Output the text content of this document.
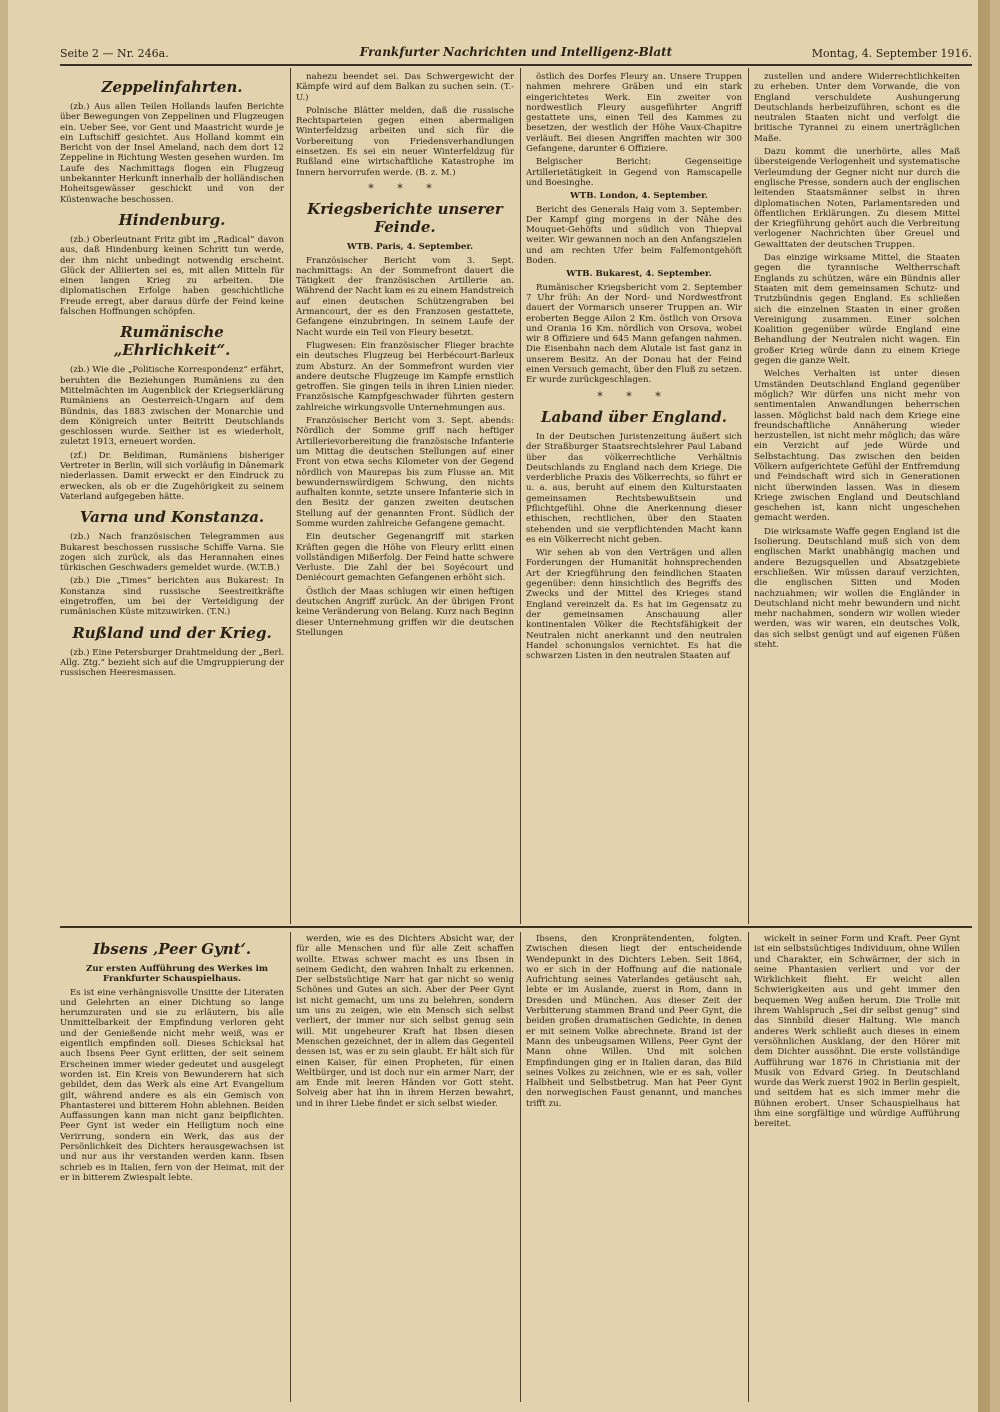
Seite 2 — Nr. 246a.	Frankfurter Nachrichten und Intelligenz-Blatt	Montag, 4. September 1916.
Zeppelinfahrten.

(zb.) Aus allen Teilen Hollands laufen Berichte über Bewegungen von Zeppelinen und Flugzeugen ein. Ueber See, vor Gent und Maastricht wurde je ein Luftschiff gesichtet. Aus Holland kommt ein Bericht von der Insel Ameland, nach dem dort 12 Zeppeline in Richtung Westen gesehen wurden. Im Laufe des Nachmittags flogen ein Flugzeug unbekannter Herkunft innerhalb der holländischen Hoheitsgewässer geschickt und von der Küstenwache beschossen.

Hindenburg.

(zb.) Oberleutnant Fritz gibt im „Radical“ davon aus, daß Hindenburg keinen Schritt tun werde, der ihm nicht unbedingt notwendig erscheint. Glück der Alliierten sei es, mit allen Mitteln für einen langen Krieg zu arbeiten. Die diplomatischen Erfolge haben geschichtliche Freude erregt, aber daraus dürfe der Feind keine falschen Hoffnungen schöpfen.

Rumänische „Ehrlichkeit“.

(zb.) Wie die „Politische Korrespondenz“ erfährt, beruhten die Beziehungen Rumäniens zu den Mittelmächten im Augenblick der Kriegserklärung Rumäniens an Oesterreich-Ungarn auf dem Bündnis, das 1883 zwischen der Monarchie und dem Königreich unter Beitritt Deutschlands geschlossen wurde. Seither ist es wiederholt, zuletzt 1913, erneuert worden.

(zf.) Dr. Beldiman, Rumäniens bisheriger Vertreter in Berlin, will sich vorläufig in Dänemark niederlassen. Damit erweckt er den Eindruck zu erwecken, als ob er die Zugehörigkeit zu seinem Vaterland aufgegeben hätte.

Varna und Konstanza.

(zb.) Nach französischen Telegrammen aus Bukarest beschossen russische Schiffe Varna. Sie zogen sich zurück, als das Herannahen eines türkischen Geschwaders gemeldet wurde. (W.T.B.)

(zb.) Die „Times“ berichten aus Bukarest: In Konstanza sind russische Seestreitkräfte eingetroffen, um bei der Verteidigung der rumänischen Küste mitzuwirken. (T.N.)

Rußland und der Krieg.

(zb.) Eine Petersburger Drahtmeldung der „Berl. Allg. Ztg.“ bezieht sich auf die Umgruppierung der russischen Heeresmassen.

nahezu beendet sei. Das Schwergewicht der Kämpfe wird auf dem Balkan zu suchen sein. (T.-U.)

Polnische Blätter melden, daß die russische Rechtsparteien gegen einen abermaligen Winterfeldzug arbeiten und sich für die Vorbereitung von Friedensverhandlungen einsetzen. Es sei ein neuer Winterfeldzug für Rußland eine wirtschaftliche Katastrophe im Innern hervorrufen werde. (B. z. M.)

* * *
Kriegsberichte unserer Feinde.

WTB. Paris, 4. September.

Französischer Bericht vom 3. Sept. nachmittags: An der Sommefront dauert die Tätigkeit der französischen Artillerie an. Während der Nacht kam es zu einem Handstreich auf einen deutschen Schützengraben bei Armancourt, der es den Franzosen gestattete, Gefangene einzubringen. In seinem Laufe der Nacht wurde ein Teil von Fleury besetzt.

Flugwesen: Ein französischer Flieger brachte ein deutsches Flugzeug bei Herbécourt-Barleux zum Absturz. An der Sommefront wurden vier andere deutsche Flugzeuge im Kampfe ernstlich getroffen. Sie gingen teils in ihren Linien nieder. Französische Kampfgeschwader führten gestern zahlreiche wirkungsvolle Unternehmungen aus.

Französischer Bericht vom 3. Sept. abends: Nördlich der Somme griff nach heftiger Artillerievorbereitung die französische Infanterie um Mittag die deutschen Stellungen auf einer Front von etwa sechs Kilometer von der Gegend nördlich von Maurepas bis zum Flusse an. Mit bewundernswürdigem Schwung, den nichts aufhalten konnte, setzte unsere Infanterie sich in den Besitz der ganzen zweiten deutschen Stellung auf der genannten Front. Südlich der Somme wurden zahlreiche Gefangene gemacht.

Ein deutscher Gegenangriff mit starken Kräften gegen die Höhe von Fleury erlitt einen vollständigen Mißerfolg. Der Feind hatte schwere Verluste. Die Zahl der bei Soyécourt und Deniécourt gemachten Gefangenen erhöht sich.

Östlich der Maas schlugen wir einen heftigen deutschen Angriff zurück. An der übrigen Front keine Veränderung von Belang. Kurz nach Beginn dieser Unternehmung griffen wir die deutschen Stellungen

östlich des Dorfes Fleury an. Unsere Truppen nahmen mehrere Gräben und ein stark eingerichtetes Werk. Ein zweiter von nordwestlich Fleury ausgeführter Angriff gestattete uns, einen Teil des Kammes zu besetzen, der westlich der Höhe Vaux-Chapitre verläuft. Bei diesen Angriffen machten wir 300 Gefangene, darunter 6 Offiziere.

Belgischer Bericht: Gegenseitige Artillerietätigkeit in Gegend von Ramscapelle und Boesinghe.

WTB. London, 4. September.

Bericht des Generals Haig vom 3. September: Der Kampf ging morgens in der Nähe des Mouquet-Gehöfts und südlich von Thiepval weiter. Wir gewannen noch an den Anfangszielen und am rechten Ufer beim Falfemontgehöft Boden.

WTB. Bukarest, 4. September.

Rumänischer Kriegsbericht vom 2. September 7 Uhr früh: An der Nord- und Nordwestfront dauert der Vormarsch unserer Truppen an. Wir eroberten Begge Ailon 2 Km. östlich von Orsova und Orania 16 Km. nördlich von Orsova, wobei wir 8 Offiziere und 645 Mann gefangen nahmen. Die Eisenbahn nach dem Alutale ist fast ganz in unserem Besitz. An der Donau hat der Feind einen Versuch gemacht, über den Fluß zu setzen. Er wurde zurückgeschlagen.

* * *
Laband über England.

In der Deutschen Juristenzeitung äußert sich der Straßburger Staatsrechtslehrer Paul Laband über das völkerrechtliche Verhältnis Deutschlands zu England nach dem Kriege. Die verderbliche Praxis des Völkerrechts, so führt er u. a. aus, beruht auf einem den Kulturstaaten gemeinsamen Rechtsbewußtsein und Pflichtgefühl. Ohne die Anerkennung dieser ethischen, rechtlichen, über den Staaten stehenden und sie verpflichtenden Macht kann es ein Völkerrecht nicht geben.

Wir sehen ab von den Verträgen und allen Forderungen der Humanität hohnsprechenden Art der Kriegführung den feindlichen Staaten gegenüber: denn hinsichtlich des Begriffs des Zwecks und der Mittel des Krieges stand England vereinzelt da. Es hat im Gegensatz zu der gemeinsamen Anschauung aller kontinentalen Völker die Rechtsfähigkeit der Neutralen nicht anerkannt und den neutralen Handel schonungslos vernichtet. Es hat die schwarzen Listen in den neutralen Staaten auf

zustellen und andere Widerrechtlichkeiten zu erheben. Unter dem Vorwande, die von England verschuldete Aushungerung Deutschlands herbeizuführen, schont es die neutralen Staaten nicht und verfolgt die britische Tyrannei zu einem unerträglichen Maße.

Dazu kommt die unerhörte, alles Maß übersteigende Verlogenheit und systematische Verleumdung der Gegner nicht nur durch die englische Presse, sondern auch der englischen leitenden Staatsmänner selbst in ihren diplomatischen Noten, Parlamentsreden und öffentlichen Erklärungen. Zu diesem Mittel der Kriegführung gehört auch die Verbreitung verlogener Nachrichten über Greuel und Gewalttaten der deutschen Truppen.

Das einzige wirksame Mittel, die Staaten gegen die tyrannische Weltherrschaft Englands zu schützen, wäre ein Bündnis aller Staaten mit dem gemeinsamen Schutz- und Trutzbündnis gegen England. Es schließen sich die einzelnen Staaten in einer großen Vereinigung zusammen. Einer solchen Koalition gegenüber würde England eine Behandlung der Neutralen nicht wagen. Ein großer Krieg würde dann zu einem Kriege gegen die ganze Welt.

Welches Verhalten ist unter diesen Umständen Deutschland England gegenüber möglich? Wir dürfen uns nicht mehr von sentimentalen Anwandlungen beherrschen lassen. Möglichst bald nach dem Kriege eine freundschaftliche Annäherung wieder herzustellen, ist nicht mehr möglich; das wäre ein Verzicht auf jede Würde und Selbstachtung. Das zwischen den beiden Völkern aufgerichtete Gefühl der Entfremdung und Feindschaft wird sich in Generationen nicht überwinden lassen. Was in diesem Kriege zwischen England und Deutschland geschehen ist, kann nicht ungeschehen gemacht werden.

Die wirksamste Waffe gegen England ist die Isolierung. Deutschland muß sich von dem englischen Markt unabhängig machen und andere Bezugsquellen und Absatzgebiete erschließen. Wir müssen darauf verzichten, die englischen Sitten und Moden nachzuahmen; wir wollen die Engländer in Deutschland nicht mehr bewundern und nicht mehr nachahmen, sondern wir wollen wieder werden, was wir waren, ein deutsches Volk, das sich selbst genügt und auf eigenen Füßen steht.

Ibsens ‚Peer Gynt‘.

Zur ersten Aufführung des Werkes im Frankfurter Schauspielhaus.

Es ist eine verhängnisvolle Unsitte der Literaten und Gelehrten an einer Dichtung so lange herumzuraten und sie zu erläutern, bis alle Unmittelbarkeit der Empfindung verloren geht und der Genießende nicht mehr weiß, was er eigentlich empfinden soll. Dieses Schicksal hat auch Ibsens Peer Gynt erlitten, der seit seinem Erscheinen immer wieder gedeutet und ausgelegt worden ist. Ein Kreis von Bewunderern hat sich gebildet, dem das Werk als eine Art Evangelium gilt, während andere es als ein Gemisch von Phantasterei und bitterem Hohn ablehnen. Beiden Auffassungen kann man nicht ganz beipflichten. Peer Gynt ist weder ein Heiligtum noch eine Verirrung, sondern ein Werk, das aus der Persönlichkeit des Dichters herausgewachsen ist und nur aus ihr verstanden werden kann. Ibsen schrieb es in Italien, fern von der Heimat, mit der er in bitterem Zwiespalt lebte.

werden, wie es des Dichters Absicht war, der für alle Menschen und für alle Zeit schaffen wollte. Etwas schwer macht es uns Ibsen in seinem Gedicht, den wahren Inhalt zu erkennen. Der selbstsüchtige Narr hat gar nicht so wenig Schönes und Gutes an sich. Aber der Peer Gynt ist nicht gemacht, um uns zu belehren, sondern um uns zu zeigen, wie ein Mensch sich selbst verliert, der immer nur sich selbst genug sein will. Mit ungeheurer Kraft hat Ibsen diesen Menschen gezeichnet, der in allem das Gegenteil dessen ist, was er zu sein glaubt. Er hält sich für einen Kaiser, für einen Propheten, für einen Weltbürger, und ist doch nur ein armer Narr, der am Ende mit leeren Händen vor Gott steht. Solveig aber hat ihn in ihrem Herzen bewahrt, und in ihrer Liebe findet er sich selbst wieder.

Ibsens, den Kronprätendenten, folgten. Zwischen diesen liegt der entscheidende Wendepunkt in des Dichters Leben. Seit 1864, wo er sich in der Hoffnung auf die nationale Aufrichtung seines Vaterlandes getäuscht sah, lebte er im Auslande, zuerst in Rom, dann in Dresden und München. Aus dieser Zeit der Verbitterung stammen Brand und Peer Gynt, die beiden großen dramatischen Gedichte, in denen er mit seinem Volke abrechnete. Brand ist der Mann des unbeugsamen Willens, Peer Gynt der Mann ohne Willen. Und mit solchen Empfindungen ging er in Italien daran, das Bild seines Volkes zu zeichnen, wie er es sah, voller Halbheit und Selbstbetrug. Man hat Peer Gynt den norwegischen Faust genannt, und manches trifft zu.

wickelt in seiner Form und Kraft. Peer Gynt ist ein selbstsüchtiges Individuum, ohne Willen und Charakter, ein Schwärmer, der sich in seine Phantasien verliert und vor der Wirklichkeit flieht. Er weicht allen Schwierigkeiten aus und geht immer den bequemen Weg außen herum. Die Trolle mit ihrem Wahlspruch „Sei dir selbst genug“ sind das Sinnbild dieser Haltung. Wie manch anderes Werk schließt auch dieses in einem versöhnlichen Ausklang, der den Hörer mit dem Dichter aussöhnt. Die erste vollständige Aufführung war 1876 in Christiania mit der Musik von Edvard Grieg. In Deutschland wurde das Werk zuerst 1902 in Berlin gespielt, und seitdem hat es sich immer mehr die Bühnen erobert. Unser Schauspielhaus hat ihm eine sorgfältige und würdige Aufführung bereitet.
